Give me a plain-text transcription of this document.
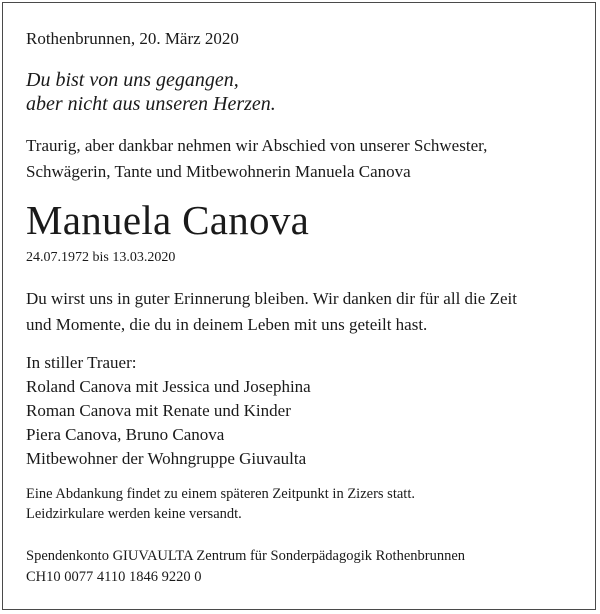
Rothenbrunnen, 20. März 2020
Du bist von uns gegangen,
aber nicht aus unseren Herzen.
Traurig, aber dankbar nehmen wir Abschied von unserer Schwester,
Schwägerin, Tante und Mitbewohnerin Manuela Canova
Manuela Canova
24.07.1972 bis 13.03.2020
Du wirst uns in guter Erinnerung bleiben. Wir danken dir für all die Zeit
und Momente, die du in deinem Leben mit uns geteilt hast.
In stiller Trauer:
Roland Canova mit Jessica und Josephina
Roman Canova mit Renate und Kinder
Piera Canova, Bruno Canova
Mitbewohner der Wohngruppe Giuvaulta
Eine Abdankung findet zu einem späteren Zeitpunkt in Zizers statt.
Leidzirkulare werden keine versandt.
Spendenkonto GIUVAULTA Zentrum für Sonderpädagogik Rothenbrunnen
CH10 0077 4110 1846 9220 0
